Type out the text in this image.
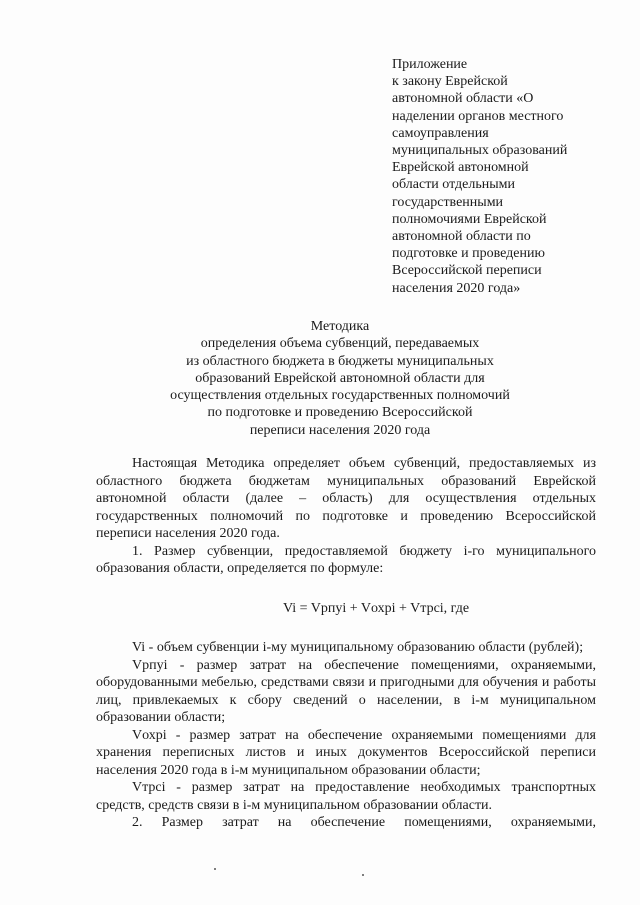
Приложение
к закону Еврейской
автономной области «О
наделении органов местного
самоуправления
муниципальных образований
Еврейской автономной
области отдельными
государственными
полномочиями Еврейской
автономной области по
подготовке и проведению
Всероссийской переписи
населения 2020 года»
Методика
определения объема субвенций, передаваемых
из областного бюджета в бюджеты муниципальных
образований Еврейской автономной области для
осуществления отдельных государственных полномочий
по подготовке и проведению Всероссийской
переписи населения 2020 года

Настоящая Методика определяет объем субвенций, предоставляемых из областного бюджета бюджетам муниципальных образований Еврейской автономной области (далее – область) для осуществления отдельных государственных полномочий по подготовке и проведению Всероссийской переписи населения 2020 года.

1. Размер субвенции, предоставляемой бюджету i-го муниципального образования области, определяется по формуле:

Vi = Vрпуi + Vохрi + Vтрсi, где

Vi - объем субвенции i-му муниципальному образованию области (рублей);

Vрпуi - размер затрат на обеспечение помещениями, охраняемыми, оборудованными мебелью, средствами связи и пригодными для обучения и работы лиц, привлекаемых к сбору сведений о населении, в i-м муниципальном образовании области;

Vохрi - размер затрат на обеспечение охраняемыми помещениями для хранения переписных листов и иных документов Всероссийской переписи населения 2020 года в i-м муниципальном образовании области;

Vтрсi - размер затрат на предоставление необходимых транспортных средств, средств связи в i-м муниципальном образовании области.

2. Размер затрат на обеспечение помещениями, охраняемыми,
